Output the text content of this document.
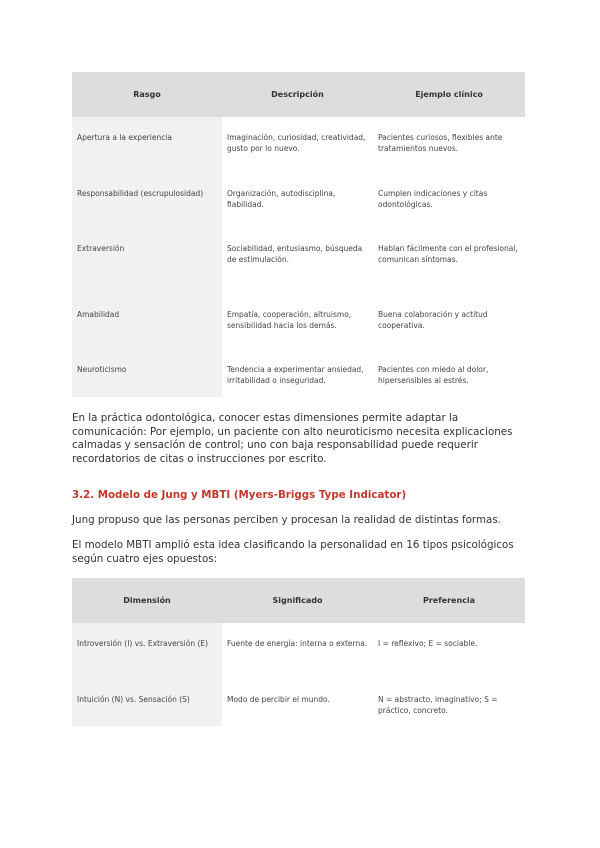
Rasgo	Descripción	Ejemplo clínico
Apertura a la experiencia	Imaginación, curiosidad, creatividad, gusto por lo nuevo.	Pacientes curiosos, flexibles ante tratamientos nuevos.
Responsabilidad (escrupulosidad)	Organización, autodisciplina, fiabilidad.	Cumplen indicaciones y citas odontológicas.
Extraversión	Sociabilidad, entusiasmo, búsqueda de estimulación.	Hablan fácilmente con el profesional, comunican síntomas.
Amabilidad	Empatía, cooperación, altruismo, sensibilidad hacia los demás.	Buena colaboración y actitud cooperativa.
Neuroticismo	Tendencia a experimentar ansiedad, irritabilidad o inseguridad.	Pacientes con miedo al dolor, hipersensibles al estrés.

En la práctica odontológica, conocer estas dimensiones permite adaptar la comunicación: Por ejemplo, un paciente con alto neuroticismo necesita explicaciones calmadas y sensación de control; uno con baja responsabilidad puede requerir recordatorios de citas o instrucciones por escrito.

3.2. Modelo de Jung y MBTI (Myers-Briggs Type Indicator)

Jung propuso que las personas perciben y procesan la realidad de distintas formas.

El modelo MBTI amplió esta idea clasificando la personalidad en 16 tipos psicológicos según cuatro ejes opuestos:

Dimensión	Significado	Preferencia
Introversión (I) vs. Extraversión (E)	Fuente de energía: interna o externa.	I = reflexivo; E = sociable.
Intuición (N) vs. Sensación (S)	Modo de percibir el mundo.	N = abstracto, imaginativo; S = práctico, concreto.
